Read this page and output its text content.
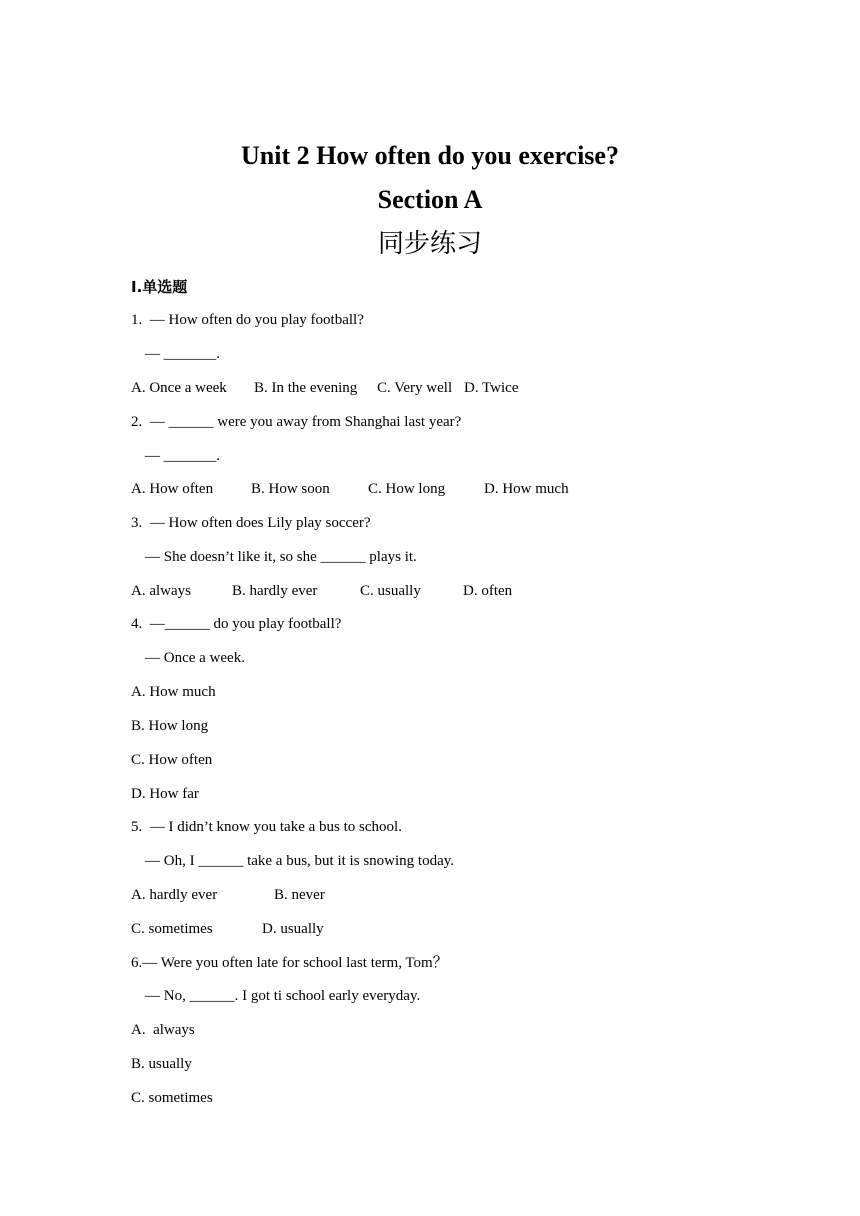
Unit 2 How often do you exercise?
Section A
同步练习
Ⅰ.单选题
1.  — How often do you play football?
— _______.
A. Once a week B. In the evening C. Very well D. Twice
2.  — ______ were you away from Shanghai last year?
— _______.
A. How often	B. How soon	C. How long	D. How much
3.  — How often does Lily play soccer?
— She doesn’t like it, so she ______ plays it.
A. always	B. hardly ever	C. usually	D. often
4.  —______ do you play football?
— Once a week.
A. How much
B. How long
C. How often
D. How far
5.  — I didn’t know you take a bus to school.
— Oh, I ______ take a bus, but it is snowing today.
A. hardly ever	B. never
C. sometimes	D. usually
6.— Were you often late for school last term, Tom？
— No, ______. I got ti school early everyday.
A.  always
B. usually
C. sometimes
